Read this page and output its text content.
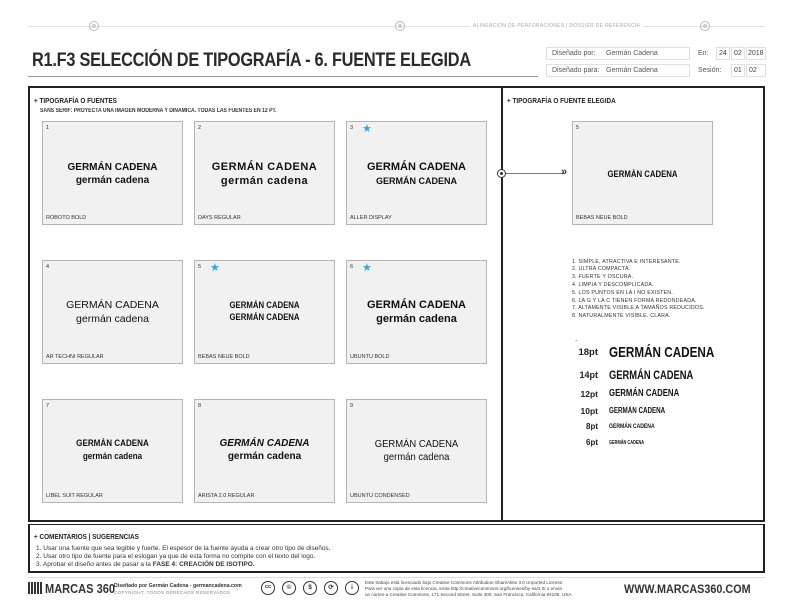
ALINEACIÓN DE PERFORACIONES | DOSSIER DE REFERENCIA
R1.F3 SELECCIÓN DE TIPOGRAFÍA - 6. FUENTE ELEGIDA	Diseñado por: Germán Cadena
Diseñado para: Germán Cadena
En:	24	02 2018
Sesión:	01	02
+ TIPOGRAFÍA O FUENTES
SANS SERIF: PROYECTA UNA IMAGEN MODERNA Y DINAMICA. TODAS LAS FUENTES EN 12 PT.
1
GERMÁN CADENA
germán cadena
ROBOTO BOLD
2
GERMÁN CADENA
germán cadena
DAYS REGULAR
3 ★
GERMÁN CADENA
GERMÁN CADENA
ALLER DISPLAY
4
GERMÁN CADENA
germán cadena
AR TECHNI REGULAR
5 ★
GERMÁN CADENA
GERMÁN CADENA
BEBAS NEUE BOLD
6 ★
GERMÁN CADENA
germán cadena
UBUNTU BOLD
7
GERMÁN CADENA
germán cadena
LIBEL SUIT REGULAR
8
GERMÁN CADENA
germán cadena
ARISTA 2.0 REGULAR
9
GERMÁN CADENA
germán cadena
UBUNTU CONDENSED
+ TIPOGRAFÍA O FUENTE ELEGIDA
»
5
GERMÁN CADENA
BEBAS NEUE BOLD
1. SIMPLE, ATRACTIVA E INTERESANTE.
2. ULTRA COMPACTA.
3. FUERTE Y OSCURA.
4. LIMPIA Y DESCOMPLICADA.
5. LOS PUNTOS EN LA I NO EXISTEN.
6. LA G Y LA C TIENEN FORMA REDONDEADA.
7. ALTAMENTE VISIBLE A TAMAÑOS REDUCIDOS.
8. NATURALMENTE VISIBLE. CLARA.
.
18pt GERMÁN CADENA
14pt GERMÁN CADENA
12pt GERMÁN CADENA
10pt GERMÁN CADENA
8pt GERMÁN CADENA
6pt GERMÁN CADENA
+ COMENTARIOS | SUGERENCIAS
1. Usar una fuente que sea legible y fuerte. El espesor de la fuente ayuda a crear otro tipo de diseños.
2. Usar otro tipo de fuente para el eslogan ya que de esta forma no compite con el texto del logo.
3. Aprobar el diseño antes de pasar a la FASE 4: CREACIÓN DE ISOTIPO.
MARCAS 360
Diseñado por Germán Cadena - germancadena.com
COPYRIGHT. TODOS DERECHOS RESERVADOS
cc	©	$	⟳	i
Este trabajo está licenciado bajo Creative Commons Attribution-ShareAlike 3.0 Unported License.
Para ver una copia de esta licencia, visita http://creativecommons.org/licenses/by-sa/3.0/ o envía
un correo a Creative Commons, 171 Second Street, Suite 300, San Francisco, California 94105, USA.	WWW.MARCAS360.COM
